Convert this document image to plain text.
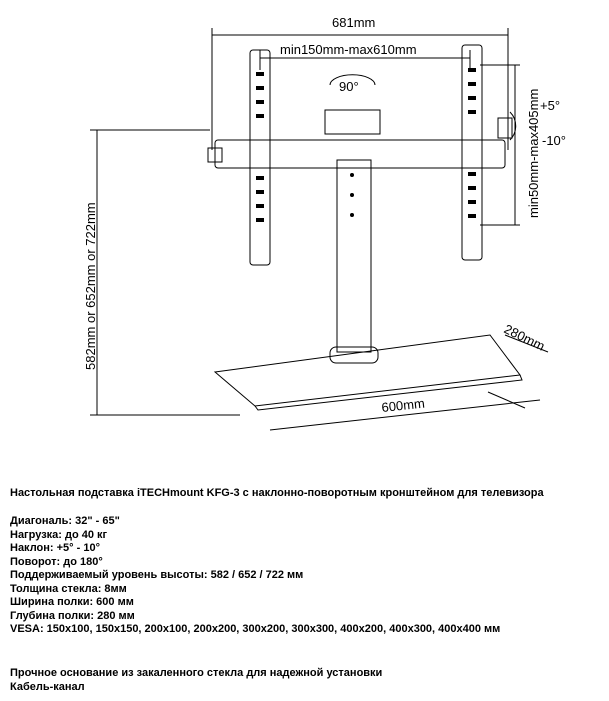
681mm
min150mm-max610mm
90°
+5°
-10°
min50mm-max405mm
582mm or 652mm or 722mm	280mm
600mm
Настольная подставка iTECHmount KFG-3 с наклонно-поворотным кронштейном для телевизора
Диагональ: 32" - 65"
Нагрузка: до 40 кг
Наклон: +5° - 10°
Поворот: до 180°
Поддерживаемый уровень высоты: 582 / 652 / 722 мм
Толщина стекла: 8мм
Ширина полки: 600 мм
Глубина полки: 280 мм
VESA: 150x100, 150x150, 200x100, 200x200, 300x200, 300x300, 400x200, 400x300, 400x400 мм
Прочное основание из закаленного стекла для надежной установки
Кабель-канал
